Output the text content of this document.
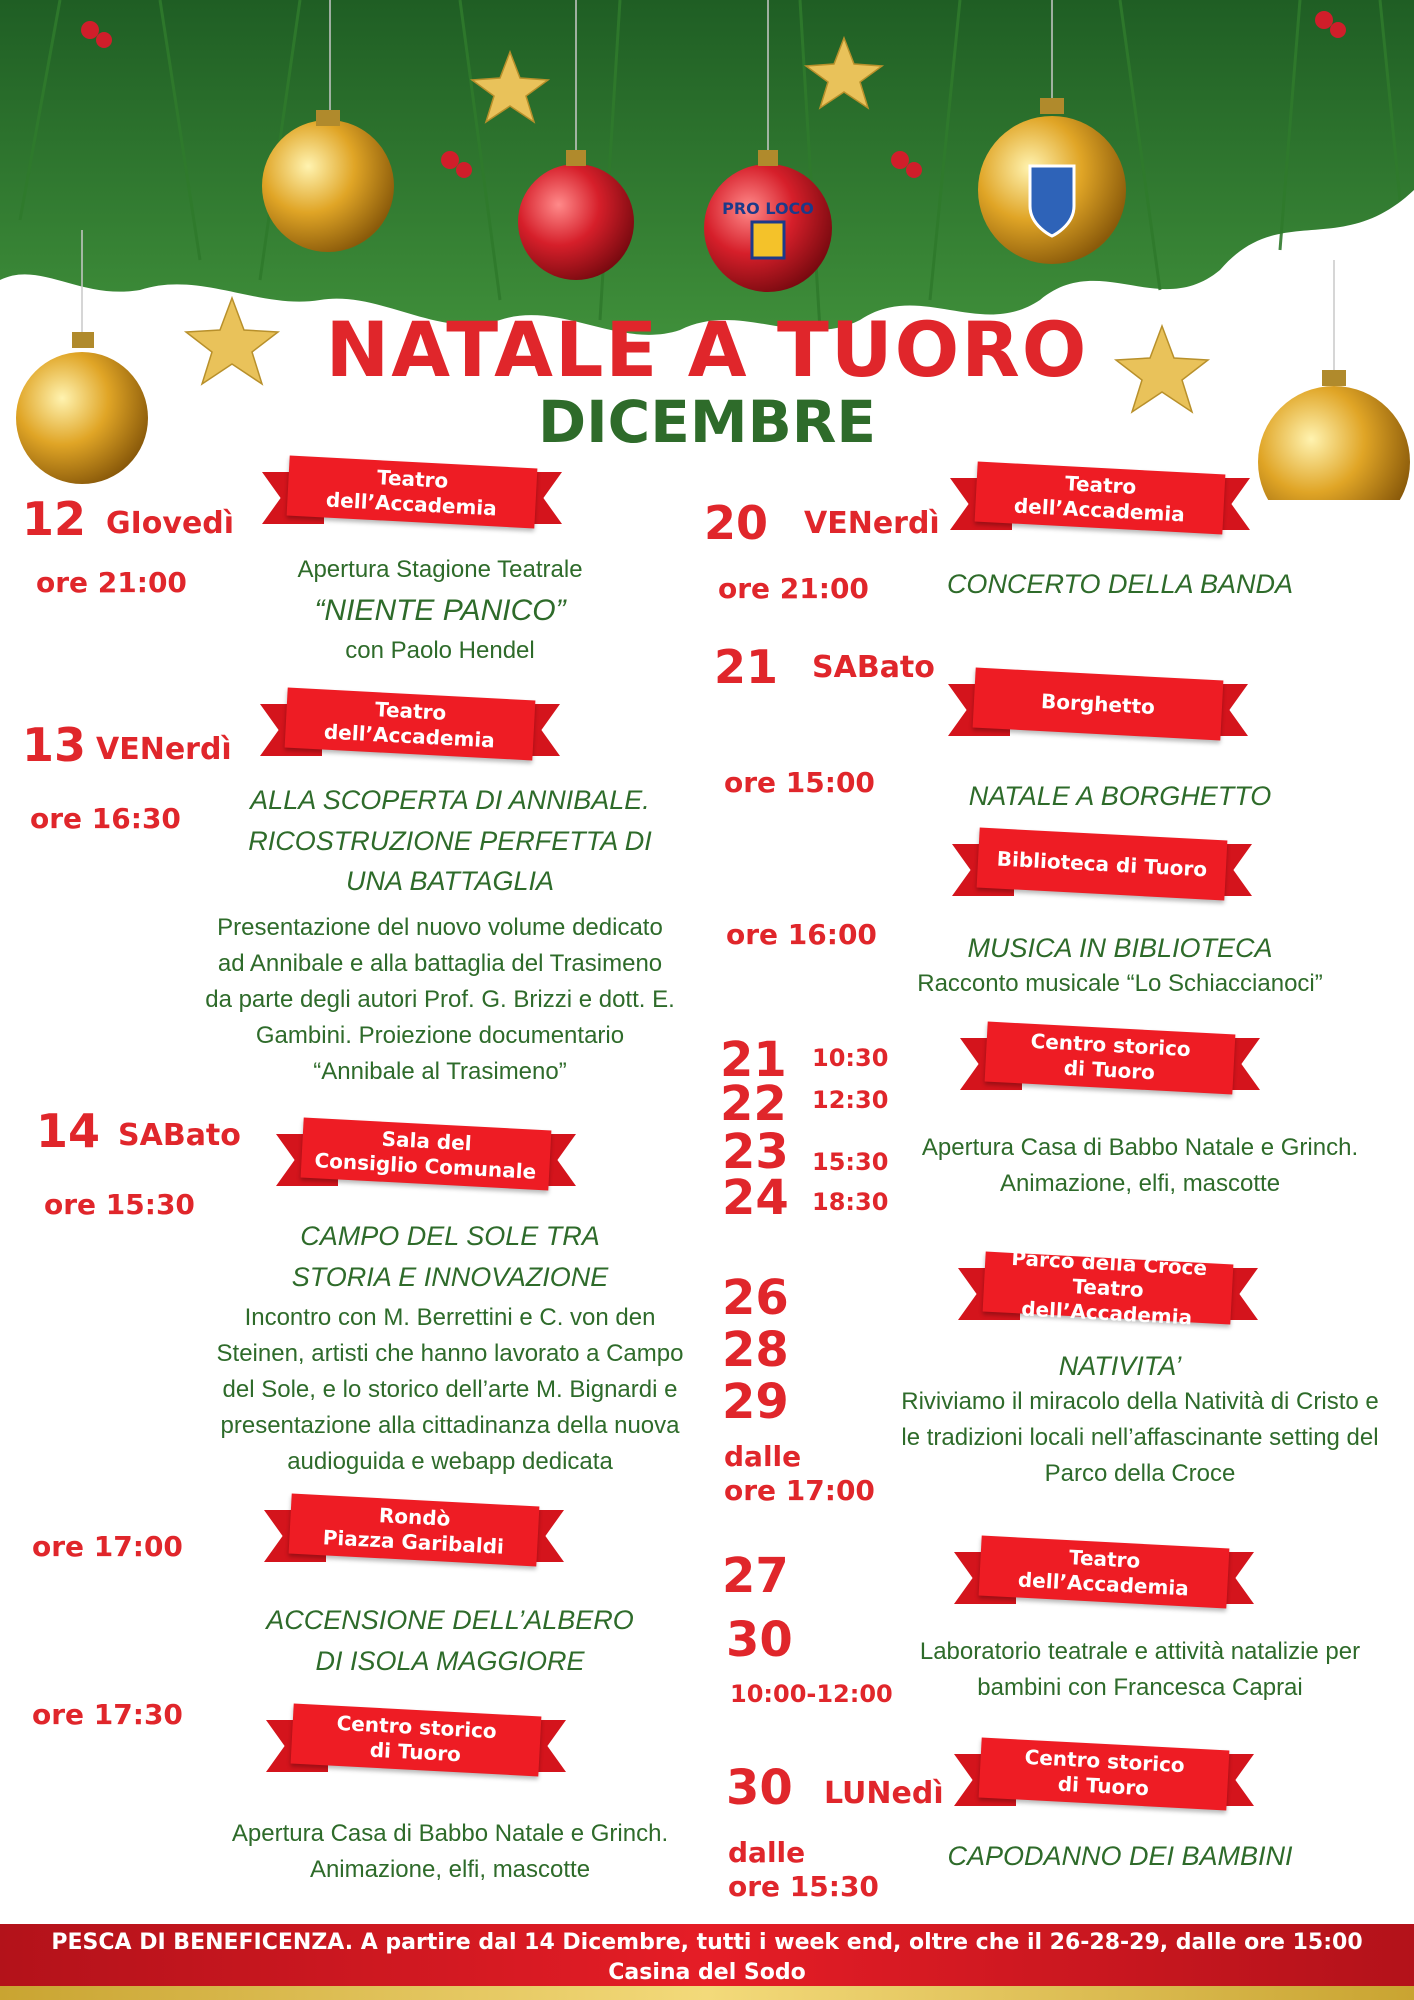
PRO LOCO
NATALE A TUORO
DICEMBRE
12 GIovedì
ore 21:00
Teatro
dell’Accademia
Apertura Stagione Teatrale
“NIENTE PANICO”
con Paolo Hendel
13 VENerdì
ore 16:30
Teatro
dell’Accademia
ALLA SCOPERTA DI ANNIBALE.
RICOSTRUZIONE PERFETTA DI
UNA BATTAGLIA
Presentazione del nuovo volume dedicato
ad Annibale e alla battaglia del Trasimeno
da parte degli autori Prof. G. Brizzi e dott. E.
Gambini. Proiezione documentario
“Annibale al Trasimeno”
14 SABato
ore 15:30
Sala del
Consiglio Comunale
CAMPO DEL SOLE TRA
STORIA E INNOVAZIONE
Incontro con M. Berrettini e C. von den
Steinen, artisti che hanno lavorato a Campo
del Sole, e lo storico dell’arte M. Bignardi e
presentazione alla cittadinanza della nuova
audioguida e webapp dedicata
ore 17:00
Rondò
Piazza Garibaldi
ACCENSIONE DELL’ALBERO
DI ISOLA MAGGIORE
ore 17:30	Centro storico
di Tuoro
Apertura Casa di Babbo Natale e Grinch.
Animazione, elfi, mascotte
20 VENerdì
ore 21:00
Teatro
dell’Accademia
CONCERTO DELLA BANDA
21 SABato
ore 15:00
Borghetto
NATALE A BORGHETTO
ore 16:00
Biblioteca di Tuoro
MUSICA IN BIBLIOTECA
Racconto musicale “Lo Schiaccianoci”
21
22
23
24
10:30
12:30
15:30
18:30
Centro storico
di Tuoro
Apertura Casa di Babbo Natale e Grinch.
Animazione, elfi, mascotte
26
28
29
dalle
ore 17:00
Parco della Croce
Teatro dell’Accademia
NATIVITA’
Riviviamo il miracolo della Natività di Cristo e
le tradizioni locali nell’affascinante setting del
Parco della Croce
27
30
10:00-12:00
Teatro
dell’Accademia
Laboratorio teatrale e attività natalizie per
bambini con Francesca Caprai
30 LUNedì
dalle
ore 15:30
Centro storico
di Tuoro
CAPODANNO DEI BAMBINI
PESCA DI BENEFICENZA. A partire dal 14 Dicembre, tutti i week end, oltre che il 26-28-29, dalle ore 15:00
Casina del Sodo
